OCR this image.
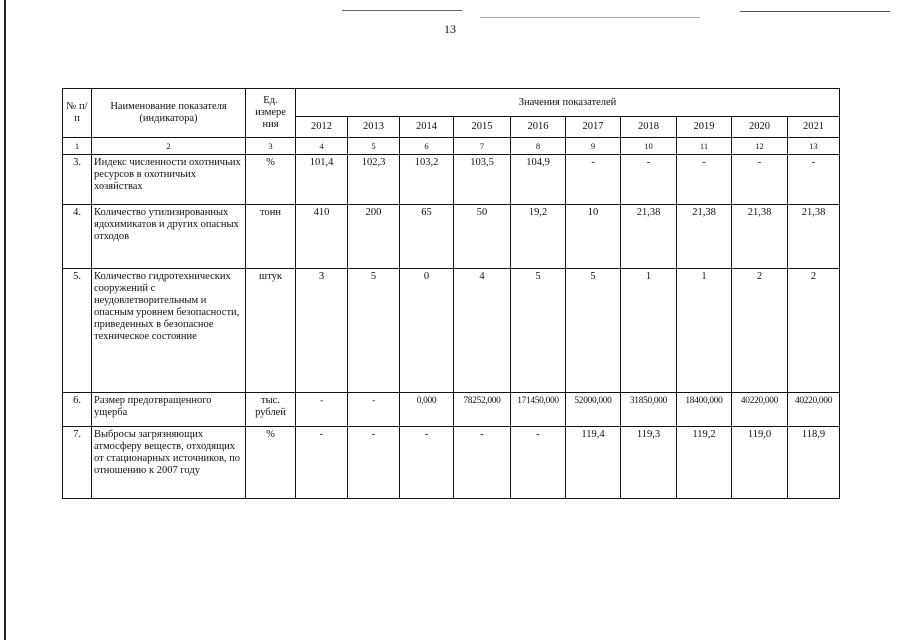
13
№ п/п	Наименование показателя (индикатора)	Ед. измере ния	Значения показателей									
			2012	2013	2014	2015	2016	2017	2018	2019	2020	2021
1	2	3	4	5	6	7	8	9	10	11	12	13
3.	Индекс численности охотничьих ресурсов в охотничьих хозяйствах	%	101,4	102,3	103,2	103,5	104,9	-	-	-	-	-
4.	Количество утилизированных ядохимикатов и других опасных отходов	тонн	410	200	65	50	19,2	10	21,38	21,38	21,38	21,38
5.	Количество гидротехнических сооружений с неудовлетворительным и опасным уровнем безопасности, приведенных в безопасное техническое состояние	штук	3	5	0	4	5	5	1	1	2	2
6.	Размер предотвращенного ущерба	тыс. рублей	-	-	0,000	78252,000	171450,000	52000,000	31850,000	18400,000	40220,000	40220,000
7.	Выбросы загрязняющих атмосферу веществ, отходящих от стационарных источников, по отношению к 2007 году	%	-	-	-	-	-	119,4	119,3	119,2	119,0	118,9
